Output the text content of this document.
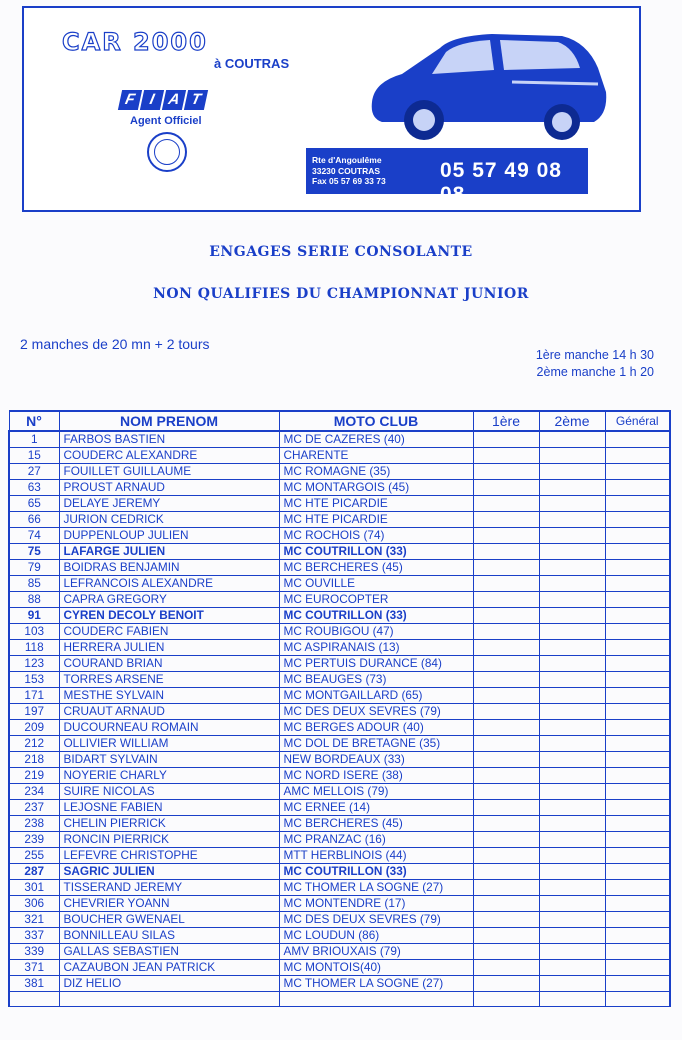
CAR 2000
à COUTRAS
F I A T
Agent Officiel
Rte d'Angoulême
33230 COUTRAS
Fax 05 57 69 33 73	05 57 49 08 08
ENGAGES SERIE CONSOLANTE
NON QUALIFIES DU CHAMPIONNAT JUNIOR
2 manches de 20 mn + 2 tours
1ère manche 14 h 30
2ème manche 1 h 20
N°	NOM PRENOM	MOTO CLUB	1ère	2ème	Général
1	FARBOS BASTIEN	MC DE CAZERES (40)			
15	COUDERC ALEXANDRE	CHARENTE			
27	FOUILLET GUILLAUME	MC ROMAGNE (35)			
63	PROUST ARNAUD	MC MONTARGOIS (45)			
65	DELAYE JEREMY	MC HTE PICARDIE			
66	JURION CEDRICK	MC HTE PICARDIE			
74	DUPPENLOUP JULIEN	MC ROCHOIS (74)			
75	LAFARGE JULIEN	MC COUTRILLON (33)			
79	BOIDRAS BENJAMIN	MC BERCHERES (45)			
85	LEFRANCOIS ALEXANDRE	MC OUVILLE			
88	CAPRA GREGORY	MC EUROCOPTER			
91	CYREN DECOLY BENOIT	MC COUTRILLON (33)			
103	COUDERC FABIEN	MC ROUBIGOU (47)			
118	HERRERA JULIEN	MC ASPIRANAIS (13)			
123	COURAND BRIAN	MC PERTUIS DURANCE (84)			
153	TORRES ARSENE	MC BEAUGES (73)			
171	MESTHE SYLVAIN	MC MONTGAILLARD (65)			
197	CRUAUT ARNAUD	MC DES DEUX SEVRES (79)			
209	DUCOURNEAU ROMAIN	MC BERGES ADOUR (40)			
212	OLLIVIER WILLIAM	MC DOL DE BRETAGNE (35)			
218	BIDART SYLVAIN	NEW BORDEAUX (33)			
219	NOYERIE CHARLY	MC NORD ISERE (38)			
234	SUIRE NICOLAS	AMC MELLOIS (79)			
237	LEJOSNE FABIEN	MC ERNEE (14)			
238	CHELIN PIERRICK	MC BERCHERES (45)			
239	RONCIN PIERRICK	MC PRANZAC (16)			
255	LEFEVRE CHRISTOPHE	MTT HERBLINOIS (44)			
287	SAGRIC JULIEN	MC COUTRILLON (33)			
301	TISSERAND JEREMY	MC THOMER LA SOGNE (27)			
306	CHEVRIER YOANN	MC MONTENDRE (17)			
321	BOUCHER GWENAEL	MC DES DEUX SEVRES (79)			
337	BONNILLEAU SILAS	MC LOUDUN (86)			
339	GALLAS SEBASTIEN	AMV BRIOUXAIS (79)			
371	CAZAUBON JEAN PATRICK	MC MONTOIS(40)			
381	DIZ HELIO	MC THOMER LA SOGNE (27)			
